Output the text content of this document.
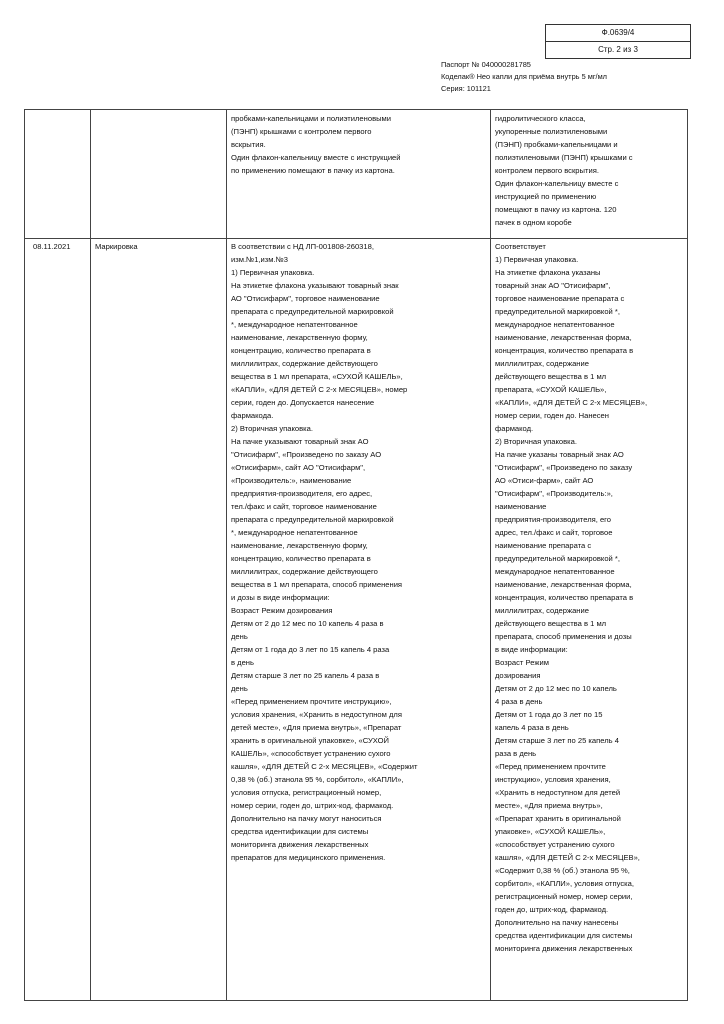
Ф.0639/4
Стр. 2 из 3
Паспорт № 040000281785
Коделак® Нео капли для приёма внутрь 5 мг/мл
Серия: 101121
пробками-капельницами и полиэтиленовыми
(ПЭНП) крышками с контролем первого
вскрытия.
Один флакон-капельницу вместе с инструкцией
по применению помещают в пачку из картона.
гидролитического класса,
укупоренные полиэтиленовыми
(ПЭНП) пробками-капельницами и
полиэтиленовыми (ПЭНП) крышками с
контролем первого вскрытия.
Один флакон-капельницу вместе с
инструкцией по применению
помещают в пачку из картона. 120
пачек в одном коробе
08.11.2021	Маркировка	В соответствии с НД ЛП-001808-260318,
изм.№1,изм.№3
1) Первичная упаковка.
На этикетке флакона указывают товарный знак
АО "Отисифарм", торговое наименование
препарата с предупредительной маркировкой
*, международное непатентованное
наименование, лекарственную форму,
концентрацию, количество препарата в
миллилитрах, содержание действующего
вещества в 1 мл препарата, «СУХОЙ КАШЕЛЬ»,
«КАПЛИ», «ДЛЯ ДЕТЕЙ С 2-х МЕСЯЦЕВ», номер
серии, годен до. Допускается нанесение
фармакода.
2) Вторичная упаковка.
На пачке указывают товарный знак АО
"Отисифарм", «Произведено по заказу АО
«Отисифарм», сайт АО "Отисифарм",
«Производитель:», наименование
предприятия-производителя, его адрес,
тел./факс и сайт, торговое наименование
препарата с предупредительной маркировкой
*, международное непатентованное
наименование, лекарственную форму,
концентрацию, количество препарата в
миллилитрах, содержание действующего
вещества в 1 мл препарата, способ применения
и дозы в виде информации:
Возраст Режим дозирования
Детям от 2 до 12 мес по 10 капель 4 раза в
день
Детям от 1 года до 3 лет по 15 капель 4 раза
в день
Детям старше 3 лет по 25 капель 4 раза в
день
«Перед применением прочтите инструкцию»,
условия хранения, «Хранить в недоступном для
детей месте», «Для приема внутрь», «Препарат
хранить в оригинальной упаковке», «СУХОЙ
КАШЕЛЬ», «способствует устранению сухого
кашля», «ДЛЯ ДЕТЕЙ С 2-х МЕСЯЦЕВ», «Содержит
0,38 % (об.) этанола 95 %, сорбитол», «КАПЛИ»,
условия отпуска, регистрационный номер,
номер серии, годен до, штрих-код, фармакод.
Дополнительно на пачку могут наноситься
средства идентификации для системы
мониторинга движения лекарственных
препаратов для медицинского применения.
Соответствует
1) Первичная упаковка.
На этикетке флакона указаны
товарный знак АО "Отисифарм",
торговое наименование препарата с
предупредительной маркировкой *,
международное непатентованное
наименование, лекарственная форма,
концентрация, количество препарата в
миллилитрах, содержание
действующего вещества в 1 мл
препарата, «СУХОЙ КАШЕЛЬ»,
«КАПЛИ», «ДЛЯ ДЕТЕЙ С 2-х МЕСЯЦЕВ»,
номер серии, годен до. Нанесен
фармакод.
2) Вторичная упаковка.
На пачке указаны товарный знак АО
"Отисифарм", «Произведено по заказу
АО «Отиси-фарм», сайт АО
"Отисифарм", «Производитель:»,
наименование
предприятия-производителя, его
адрес, тел./факс и сайт, торговое
наименование препарата с
предупредительной маркировкой *,
международное непатентованное
наименование, лекарственная форма,
концентрация, количество препарата в
миллилитрах, содержание
действующего вещества в 1 мл
препарата, способ применения и дозы
в виде информации:
Возраст Режим
дозирования
Детям от 2 до 12 мес по 10 капель
4 раза в день
Детям от 1 года до 3 лет по 15
капель 4 раза в день
Детям старше 3 лет по 25 капель 4
раза в день
«Перед применением прочтите
инструкцию», условия хранения,
«Хранить в недоступном для детей
месте», «Для приема внутрь»,
«Препарат хранить в оригинальной
упаковке», «СУХОЙ КАШЕЛЬ»,
«способствует устранению сухого
кашля», «ДЛЯ ДЕТЕЙ С 2-х МЕСЯЦЕВ»,
«Содержит 0,38 % (об.) этанола 95 %,
сорбитол», «КАПЛИ», условия отпуска,
регистрационный номер, номер серии,
годен до, штрих-код, фармакод.
Дополнительно на пачку нанесены
средства идентификации для системы
мониторинга движения лекарственных
